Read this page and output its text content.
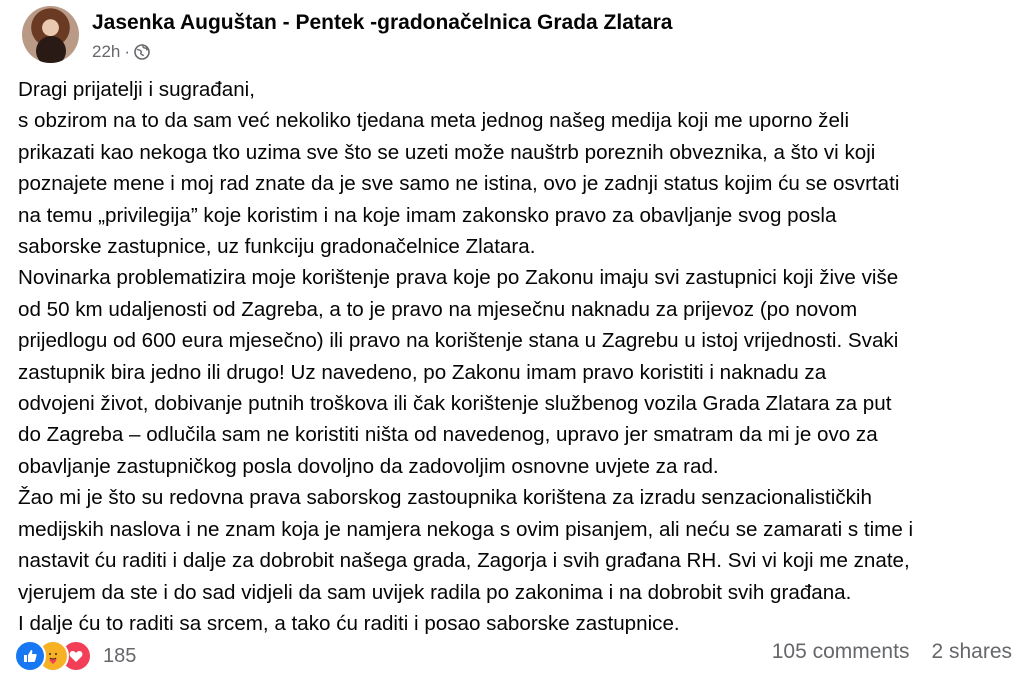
Jasenka Auguštan - Pentek -gradonačelnica Grada Zlatara
22h ·

Dragi prijatelji i sugrađani,

s obzirom na to da sam već nekoliko tjedana meta jednog našeg medija koji me uporno želi

prikazati kao nekoga tko uzima sve što se uzeti može nauštrb poreznih obveznika, a što vi koji

poznajete mene i moj rad znate da je sve samo ne istina, ovo je zadnji status kojim ću se osvrtati

na temu „privilegija” koje koristim i na koje imam zakonsko pravo za obavljanje svog posla

saborske zastupnice, uz funkciju gradonačelnice Zlatara.

Novinarka problematizira moje korištenje prava koje po Zakonu imaju svi zastupnici koji žive više

od 50 km udaljenosti od Zagreba, a to je pravo na mjesečnu naknadu za prijevoz (po novom

prijedlogu od 600 eura mjesečno) ili pravo na korištenje stana u Zagrebu u istoj vrijednosti. Svaki

zastupnik bira jedno ili drugo! Uz navedeno, po Zakonu imam pravo koristiti i naknadu za

odvojeni život, dobivanje putnih troškova ili čak korištenje službenog vozila Grada Zlatara za put

do Zagreba – odlučila sam ne koristiti ništa od navedenog, upravo jer smatram da mi je ovo za

obavljanje zastupničkog posla dovoljno da zadovoljim osnovne uvjete za rad.

Žao mi je što su redovna prava saborskog zastoupnika korištena za izradu senzacionalističkih

medijskih naslova i ne znam koja je namjera nekoga s ovim pisanjem, ali neću se zamarati s time i

nastavit ću raditi i dalje za dobrobit našega grada, Zagorja i svih građana RH. Svi vi koji me znate,

vjerujem da ste i do sad vidjeli da sam uvijek radila po zakonima i na dobrobit svih građana.

I dalje ću to raditi sa srcem, a tako ću raditi i posao saborske zastupnice.

185	105 comments 2 shares
